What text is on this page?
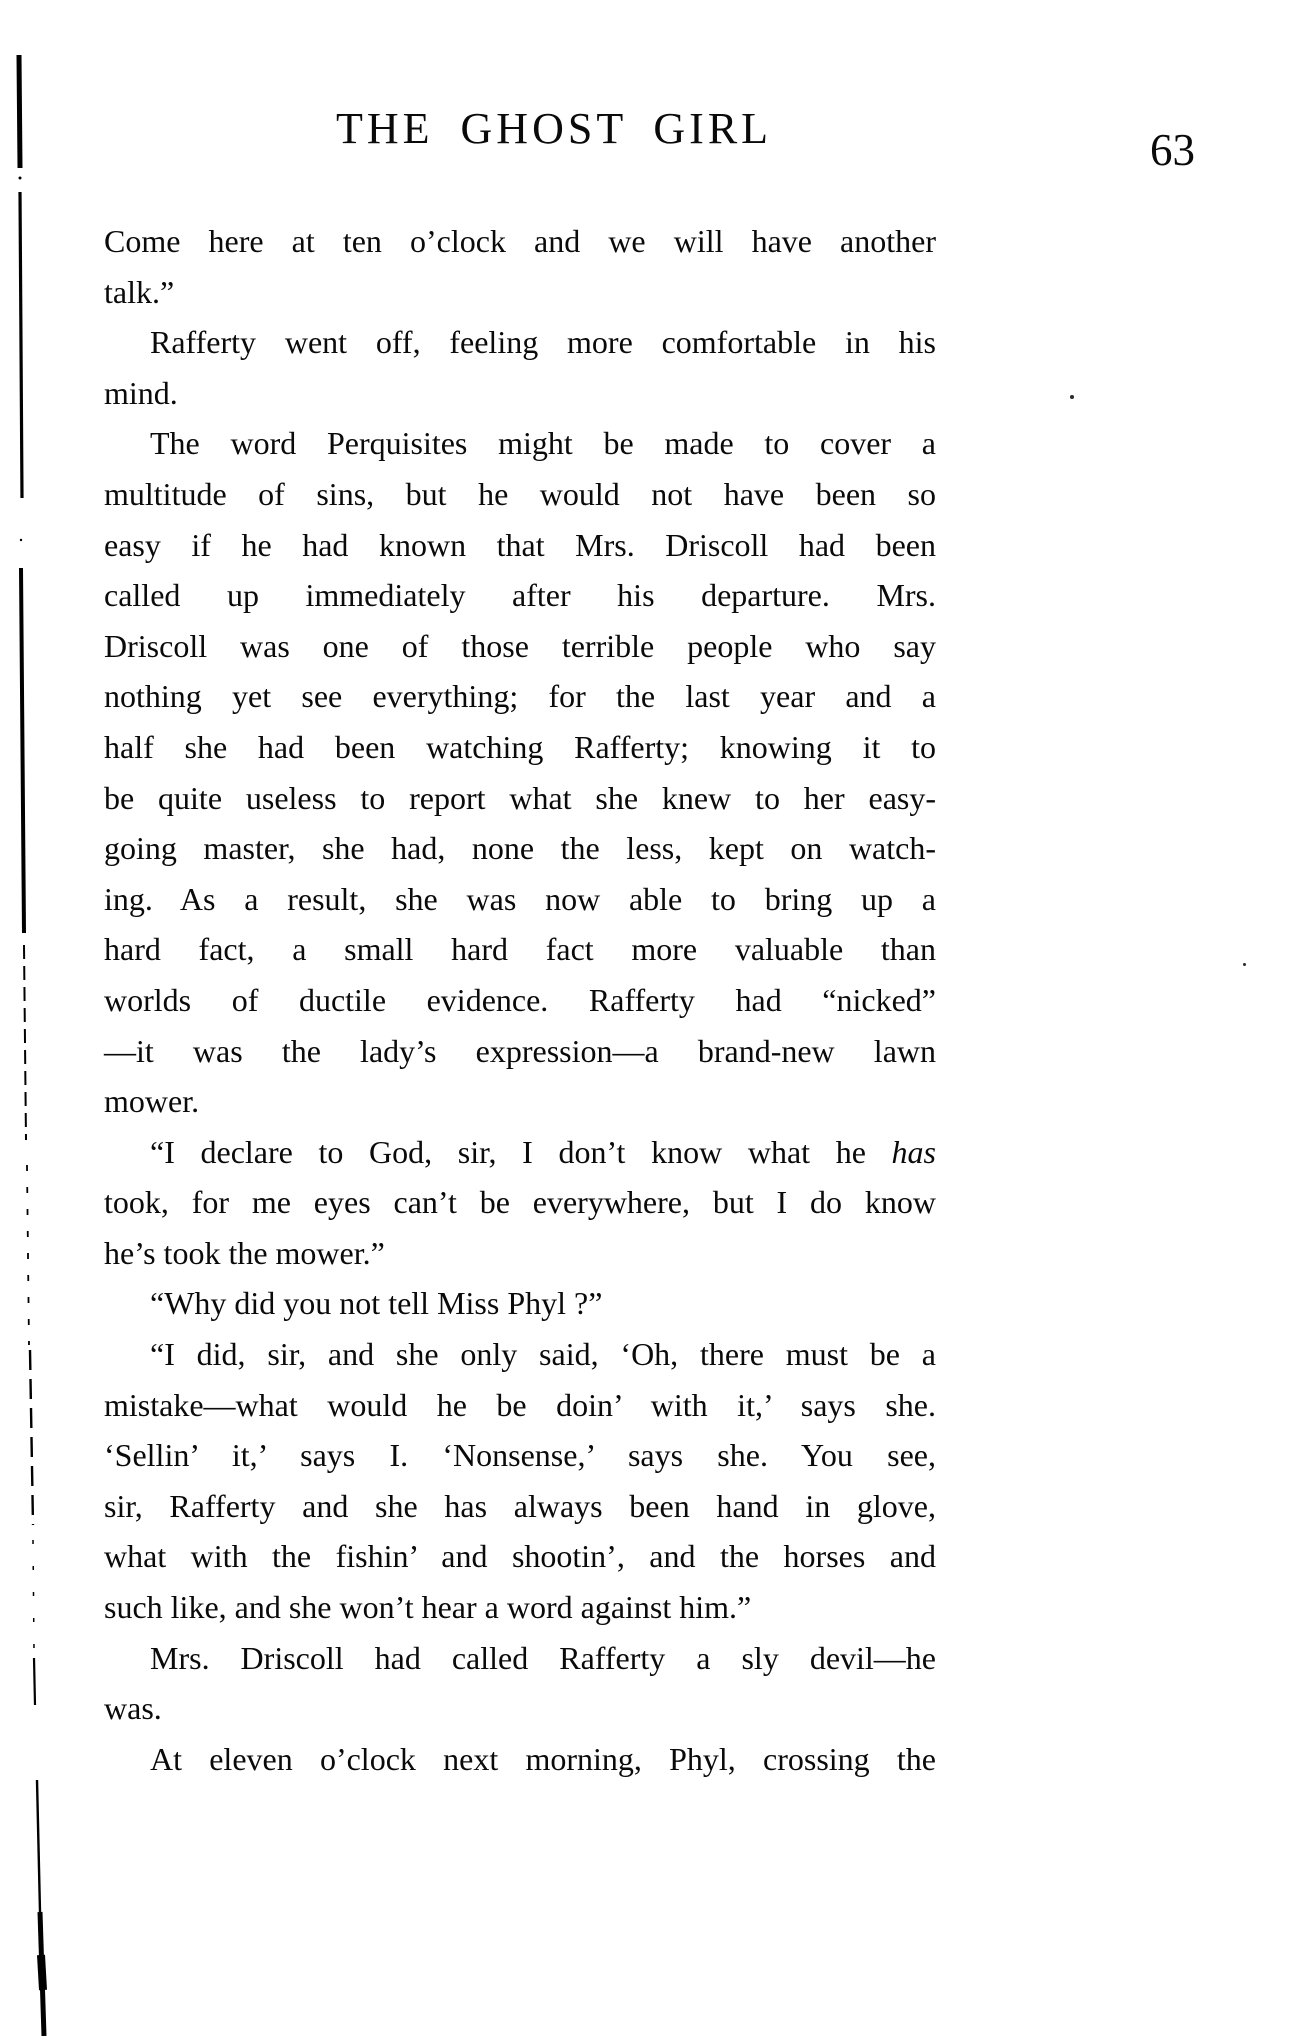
THE GHOST GIRL	63
Come here at ten o’clock and we will have another
talk.”
Rafferty went off, feeling more comfortable in his
mind.
The word Perquisites might be made to cover a
multitude of sins, but he would not have been so
easy if he had known that Mrs. Driscoll had been
called up immediately after his departure. Mrs.
Driscoll was one of those terrible people who say
nothing yet see everything; for the last year and a
half she had been watching Rafferty; knowing it to
be quite useless to report what she knew to her easy-
going master, she had, none the less, kept on watch-
ing. As a result, she was now able to bring up a
hard fact, a small hard fact more valuable than
worlds of ductile evidence. Rafferty had “nicked”
—it was the lady’s expression—a brand-new lawn
mower.
“I declare to God, sir, I don’t know what he has
took, for me eyes can’t be everywhere, but I do know
he’s took the mower.”
“Why did you not tell Miss Phyl ?”
“I did, sir, and she only said, ‘Oh, there must be a
mistake—what would he be doin’ with it,’ says she.
‘Sellin’ it,’ says I. ‘Nonsense,’ says she. You see,
sir, Rafferty and she has always been hand in glove,
what with the fishin’ and shootin’, and the horses and
such like, and she won’t hear a word against him.”
Mrs. Driscoll had called Rafferty a sly devil—he
was.
At eleven o’clock next morning, Phyl, crossing the
